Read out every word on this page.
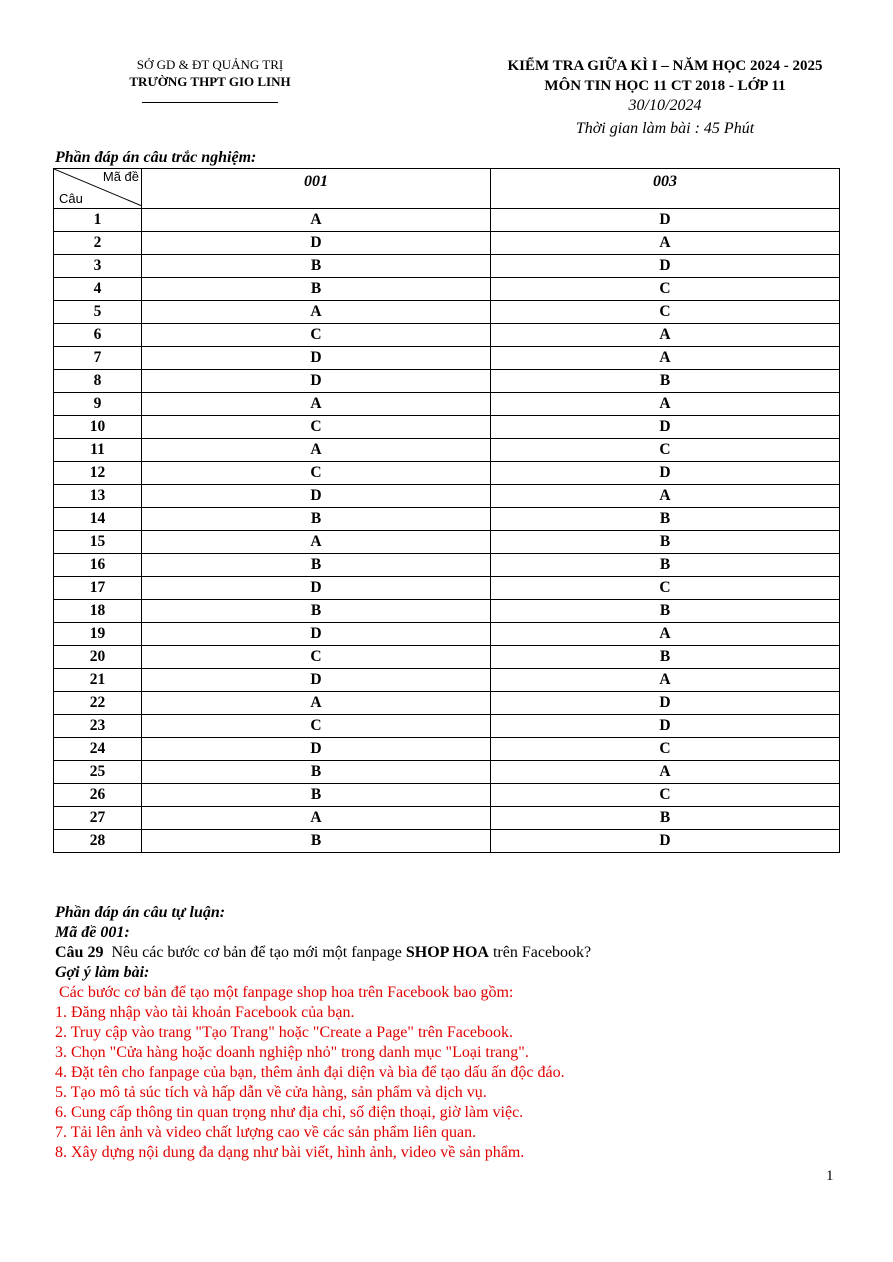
SỞ GD & ĐT QUẢNG TRỊ
TRƯỜNG THPT GIO LINH
KIỂM TRA GIỮA KÌ I – NĂM HỌC 2024 - 2025
MÔN TIN HỌC 11 CT 2018 - LỚP 11
30/10/2024
Thời gian làm bài : 45 Phút
Phần đáp án câu trắc nghiệm:
Mã đề
Câu	001	003
1	A	D
2	D	A
3	B	D
4	B	C
5	A	C
6	C	A
7	D	A
8	D	B
9	A	A
10	C	D
11	A	C
12	C	D
13	D	A
14	B	B
15	A	B
16	B	B
17	D	C
18	B	B
19	D	A
20	C	B
21	D	A
22	A	D
23	C	D
24	D	C
25	B	A
26	B	C
27	A	B
28	B	D
Phần đáp án câu tự luận:
Mã đề 001:
Câu 29 Nêu các bước cơ bản để tạo mới một fanpage SHOP HOA trên Facebook?
Gợi ý làm bài:
Các bước cơ bản để tạo một fanpage shop hoa trên Facebook bao gồm:
1. Đăng nhập vào tài khoản Facebook của bạn.
2. Truy cập vào trang "Tạo Trang" hoặc "Create a Page" trên Facebook.
3. Chọn "Cửa hàng hoặc doanh nghiệp nhỏ" trong danh mục "Loại trang".
4. Đặt tên cho fanpage của bạn, thêm ảnh đại diện và bìa để tạo dấu ấn độc đáo.
5. Tạo mô tả súc tích và hấp dẫn về cửa hàng, sản phẩm và dịch vụ.
6. Cung cấp thông tin quan trọng như địa chỉ, số điện thoại, giờ làm việc.
7. Tải lên ảnh và video chất lượng cao về các sản phẩm liên quan.
8. Xây dựng nội dung đa dạng như bài viết, hình ảnh, video về sản phẩm.
1
